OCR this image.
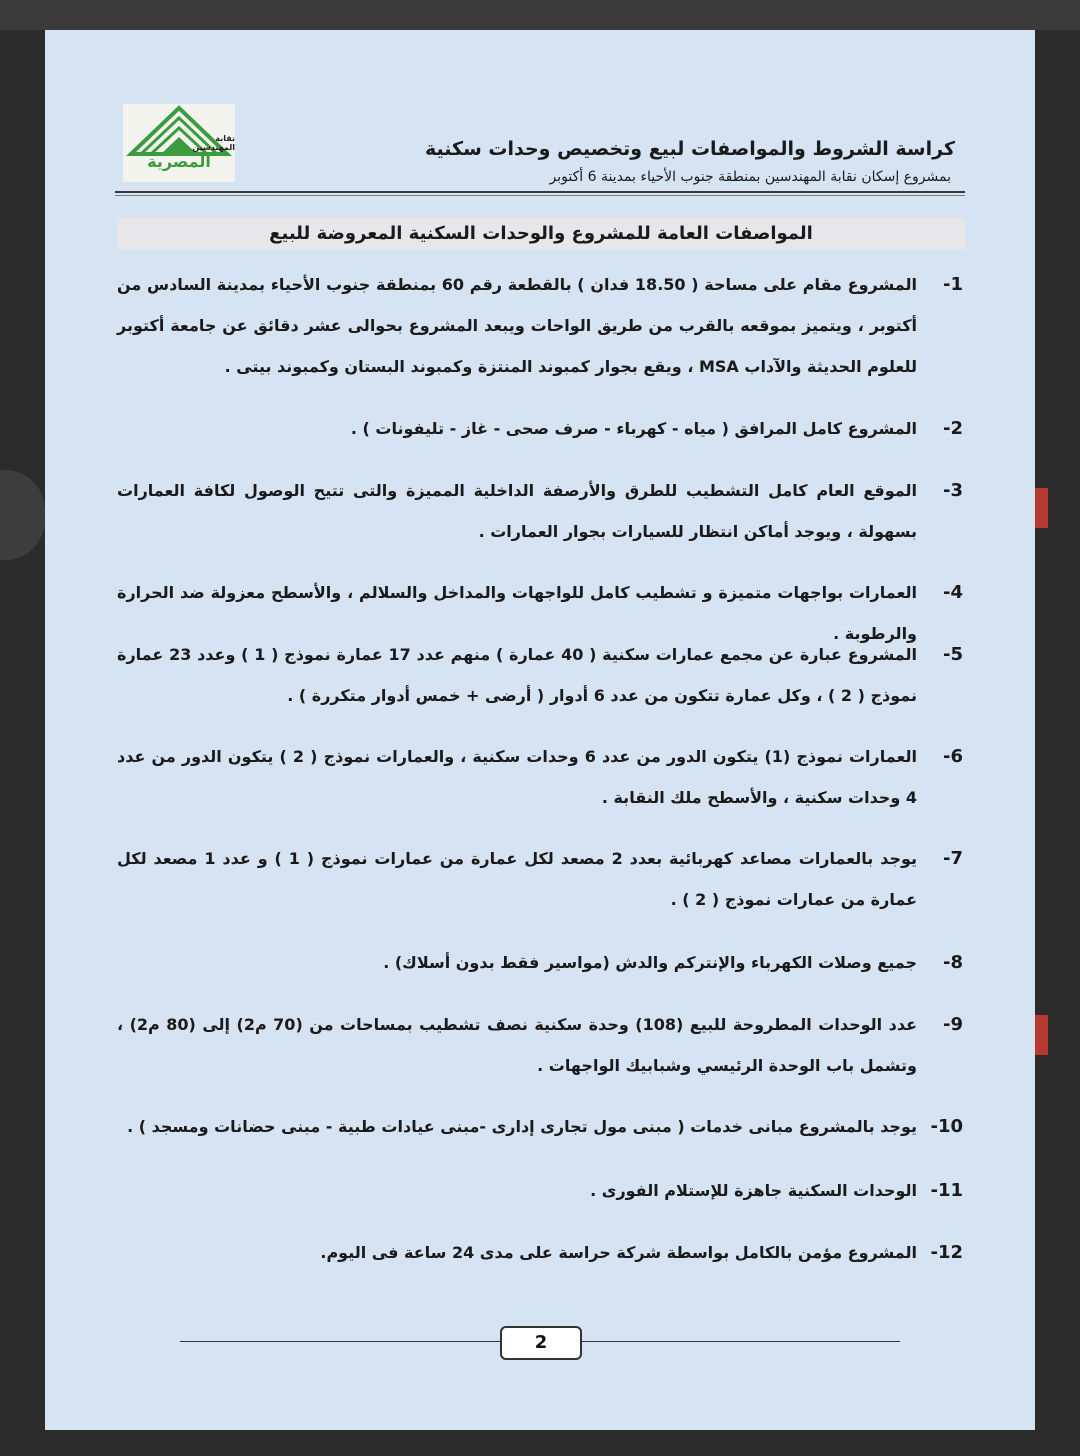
نقابة المهندسين
المصرية
كراسة الشروط والمواصفات لبيع وتخصيص وحدات سكنية
بمشروع إسكان نقابة المهندسين بمنطقة جنوب الأحياء بمدينة 6 أكتوبر
المواصفات العامة للمشروع والوحدات السكنية المعروضة للبيع
-1
المشروع مقام على مساحة ( 18.50 فدان ) بالقطعة رقم 60 بمنطقة جنوب الأحياء بمدينة السادس من أكتوبر ، ويتميز بموقعه بالقرب من طريق الواحات ويبعد المشروع بحوالى عشر دقائق عن جامعة أكتوبر للعلوم الحديثة والآداب MSA ، ويقع بجوار كمبوند المنتزة وكمبوند البستان وكمبوند بيتى .
-2
المشروع كامل المرافق ( مياه - كهرباء - صرف صحى - غاز - تليفونات ) .
-3
الموقع العام كامل التشطيب للطرق والأرصفة الداخلية المميزة والتى تتيح الوصول لكافة العمارات بسهولة ، ويوجد أماكن انتظار للسيارات بجوار العمارات .
-4
العمارات بواجهات متميزة و تشطيب كامل للواجهات والمداخل والسلالم ، والأسطح معزولة ضد الحرارة والرطوبة .
-5
المشروع عبارة عن مجمع عمارات سكنية ( 40 عمارة ) منهم عدد 17 عمارة نموذج ( 1 ) وعدد 23 عمارة نموذج ( 2 ) ، وكل عمارة تتكون من عدد 6 أدوار ( أرضى + خمس أدوار متكررة ) .
-6
العمارات نموذج (1) يتكون الدور من عدد 6 وحدات سكنية ، والعمارات نموذج ( 2 ) يتكون الدور من عدد 4 وحدات سكنية ، والأسطح ملك النقابة .
-7
يوجد بالعمارات مصاعد كهربائية بعدد 2 مصعد لكل عمارة من عمارات نموذج ( 1 ) و عدد 1 مصعد لكل عمارة من عمارات نموذج ( 2 ) .
-8
جميع وصلات الكهرباء والإنتركم والدش (مواسير فقط بدون أسلاك) .
-9
عدد الوحدات المطروحة للبيع (108) وحدة سكنية نصف تشطيب بمساحات من (70 م2) إلى (80 م2) ، وتشمل باب الوحدة الرئيسي وشبابيك الواجهات .
-10
يوجد بالمشروع مبانى خدمات ( مبنى مول تجارى إدارى -مبنى عيادات طبية - مبنى حضانات ومسجد ) .
-11
الوحدات السكنية جاهزة للإستلام الفورى .
-12
المشروع مؤمن بالكامل بواسطة شركة حراسة على مدى 24 ساعة فى اليوم.
2
